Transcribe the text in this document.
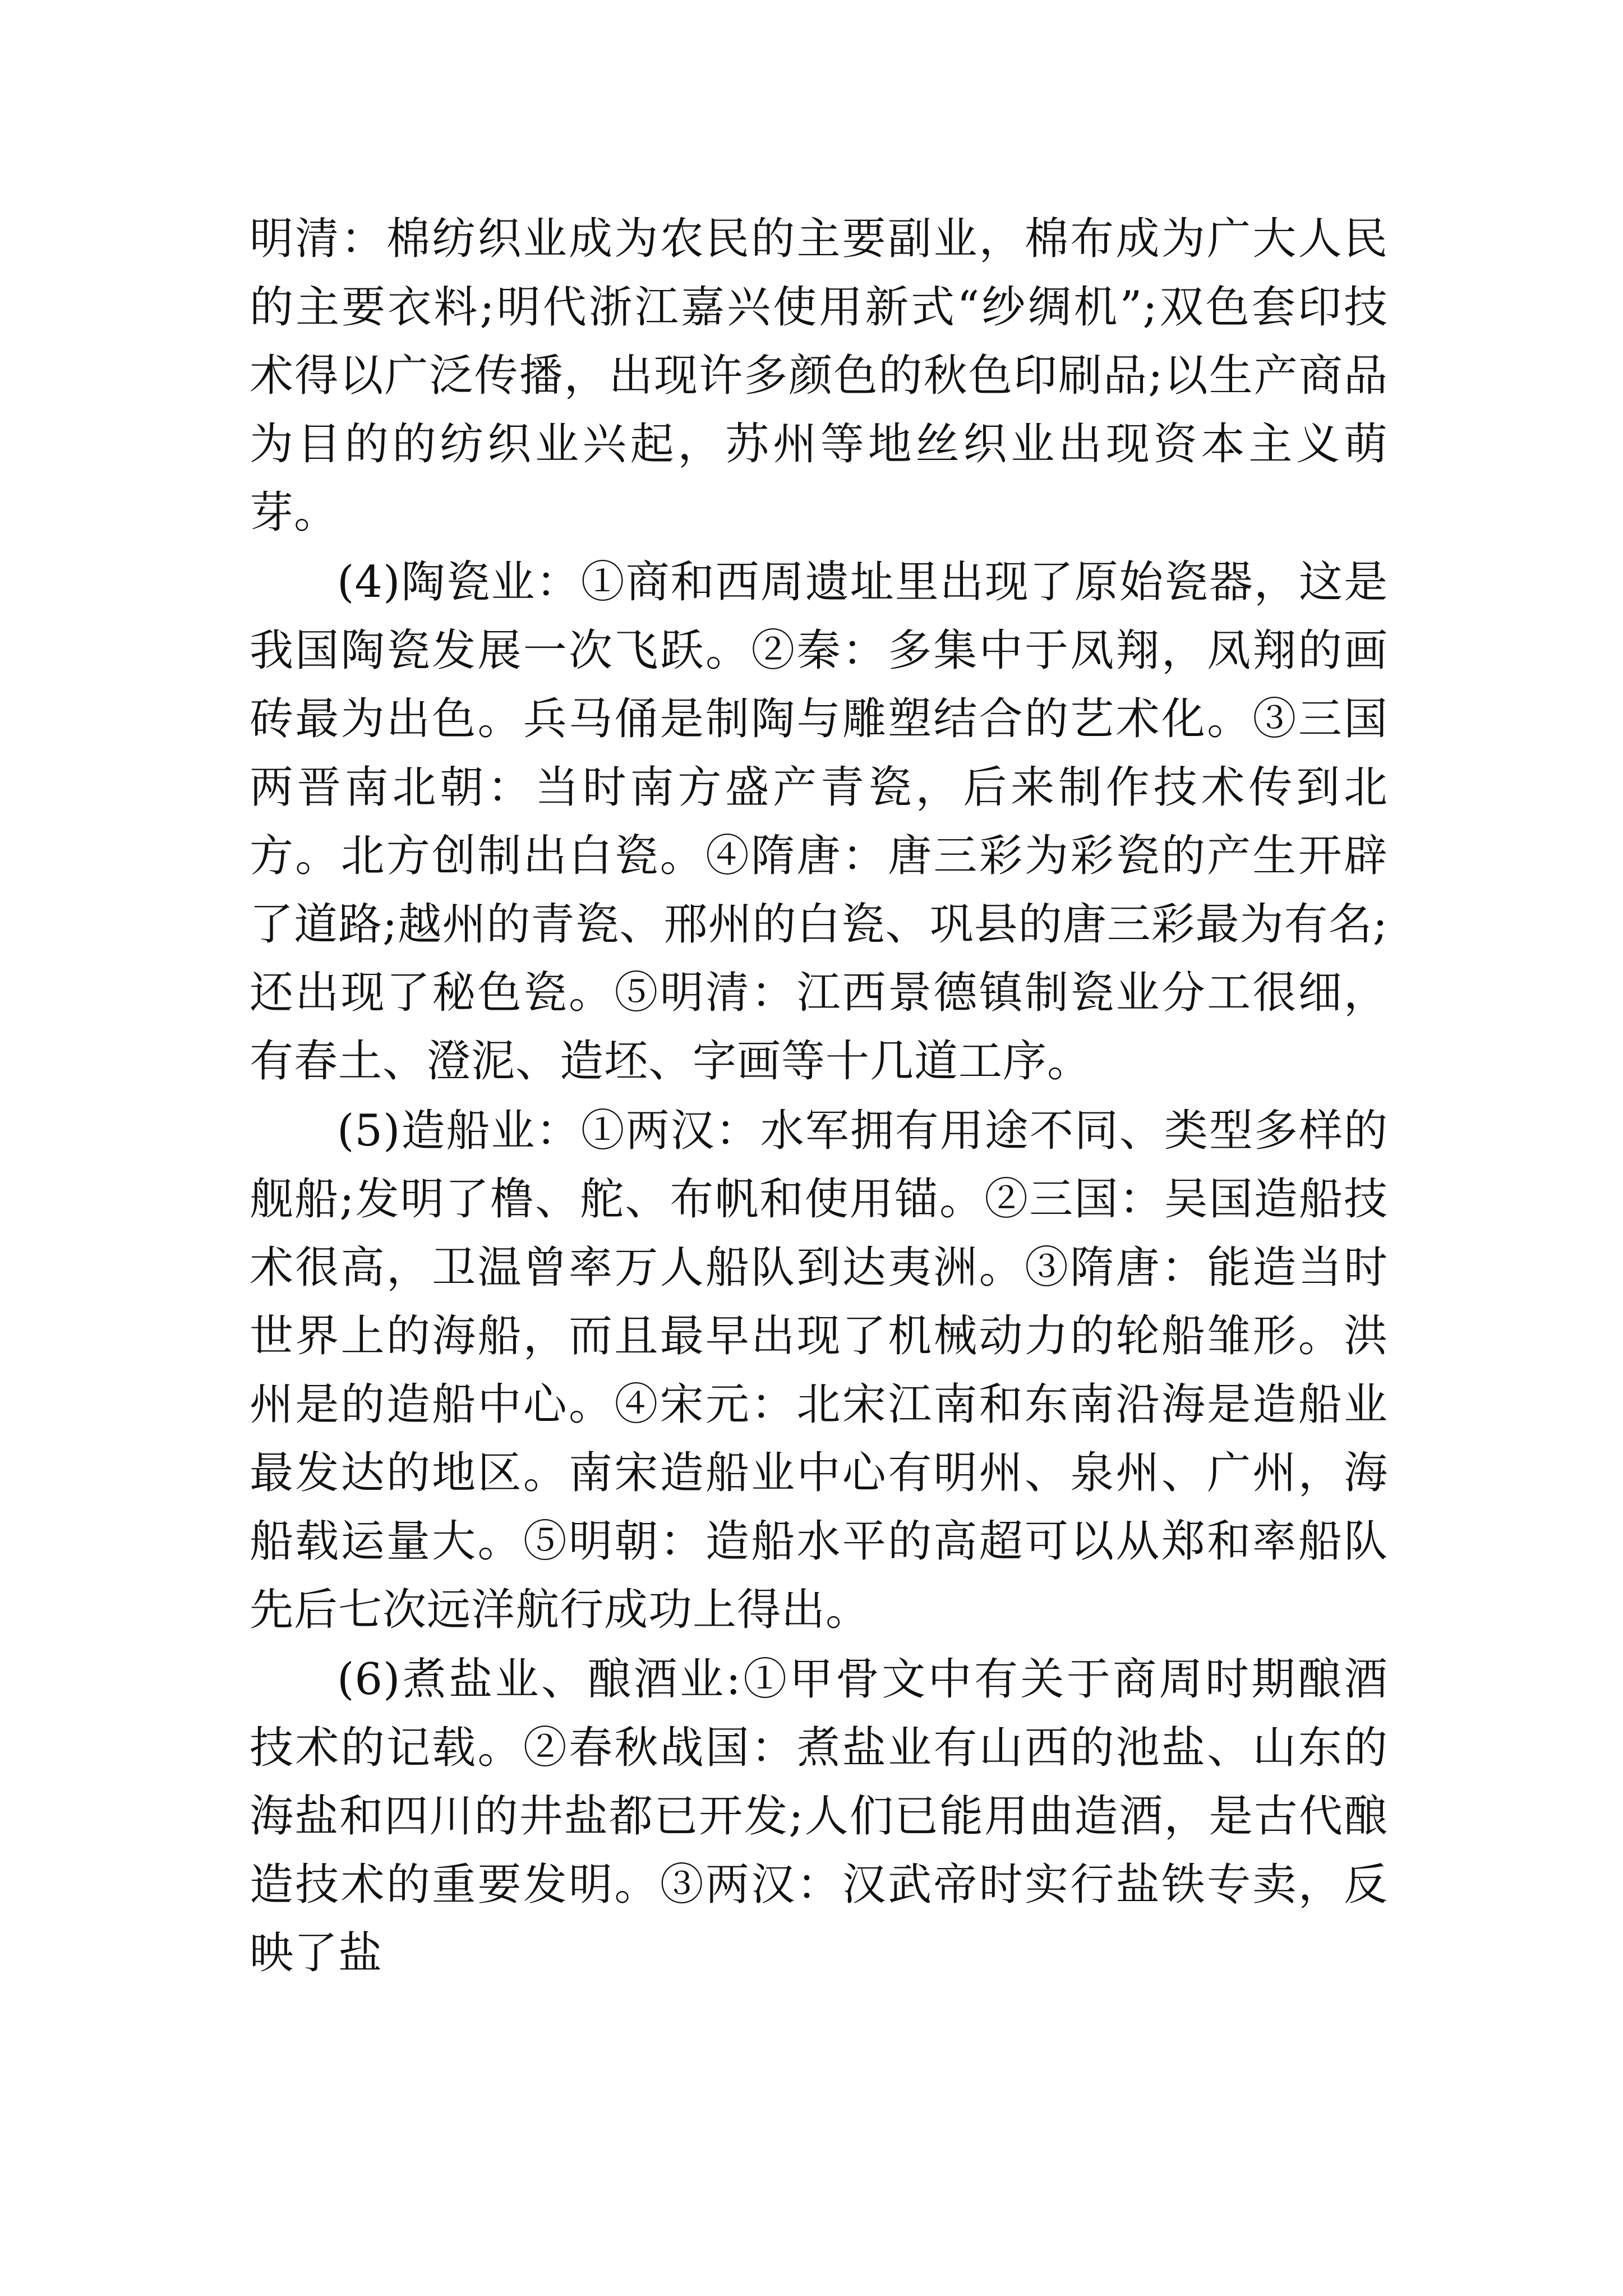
明清：棉纺织业成为农民的主要副业，棉布成为广大人民的主要衣料;明代浙江嘉兴使用新式“纱绸机”;双色套印技术得以广泛传播，出现许多颜色的秋色印刷品;以生产商品为目的的纺织业兴起，苏州等地丝织业出现资本主义萌芽。

(4)陶瓷业：①商和西周遗址里出现了原始瓷器，这是我国陶瓷发展一次飞跃。②秦：多集中于凤翔，凤翔的画砖最为出色。兵马俑是制陶与雕塑结合的艺术化。③三国两晋南北朝：当时南方盛产青瓷，后来制作技术传到北方。北方创制出白瓷。④隋唐：唐三彩为彩瓷的产生开辟了道路;越州的青瓷、邢州的白瓷、巩县的唐三彩最为有名;还出现了秘色瓷。⑤明清：江西景德镇制瓷业分工很细，有春土、澄泥、造坯、字画等十几道工序。

(5)造船业：①两汉：水军拥有用途不同、类型多样的舰船;发明了橹、舵、布帆和使用锚。②三国：吴国造船技术很高，卫温曾率万人船队到达夷洲。③隋唐：能造当时世界上的海船，而且最早出现了机械动力的轮船雏形。洪州是的造船中心。④宋元：北宋江南和东南沿海是造船业最发达的地区。南宋造船业中心有明州、泉州、广州，海船载运量大。⑤明朝：造船水平的高超可以从郑和率船队先后七次远洋航行成功上得出。

(6)煮盐业、酿酒业:①甲骨文中有关于商周时期酿酒技术的记载。②春秋战国：煮盐业有山西的池盐、山东的海盐和四川的井盐都已开发;人们已能用曲造酒，是古代酿造技术的重要发明。③两汉：汉武帝时实行盐铁专卖，反映了盐
